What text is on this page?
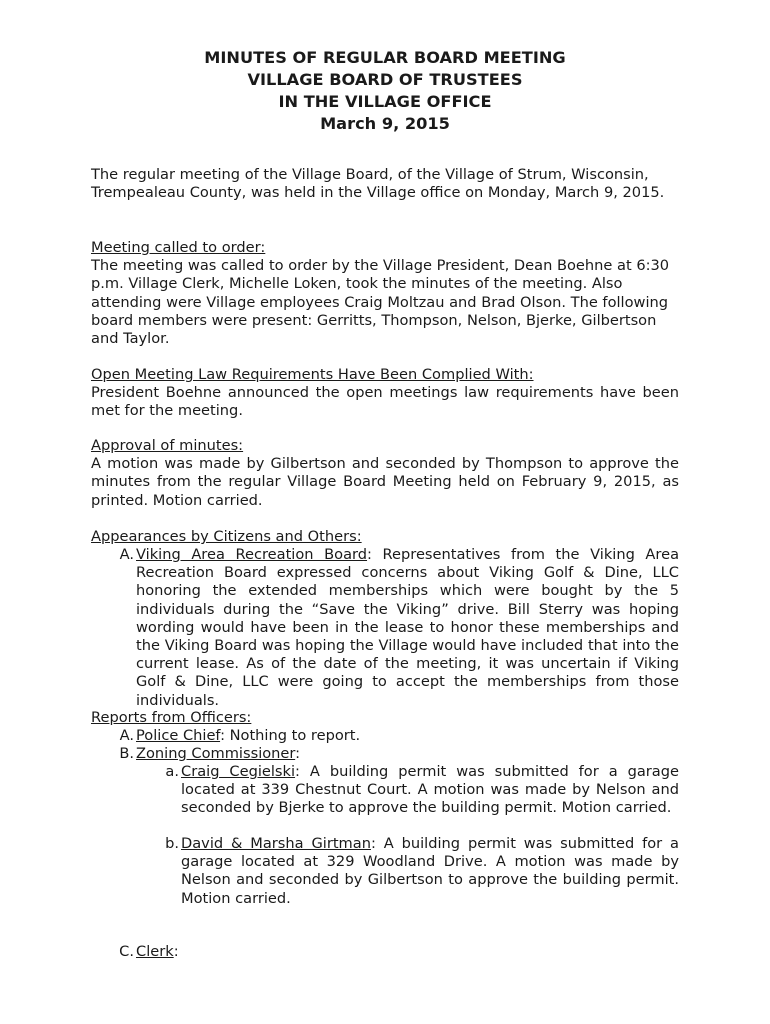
MINUTES OF REGULAR BOARD MEETING
VILLAGE BOARD OF TRUSTEES
IN THE VILLAGE OFFICE
March 9, 2015

The regular meeting of the Village Board, of the Village of Strum, Wisconsin, Trempealeau County, was held in the Village office on Monday, March 9, 2015.

Meeting called to order:

The meeting was called to order by the Village President, Dean Boehne at 6:30 p.m. Village Clerk, Michelle Loken, took the minutes of the meeting. Also attending were Village employees Craig Moltzau and Brad Olson. The following board members were present: Gerritts, Thompson, Nelson, Bjerke, Gilbertson and Taylor.

Open Meeting Law Requirements Have Been Complied With:

President Boehne announced the open meetings law requirements have been met for the meeting.

Approval of minutes:

A motion was made by Gilbertson and seconded by Thompson to approve the minutes from the regular Village Board Meeting held on February 9, 2015, as printed. Motion carried.

Appearances by Citizens and Others:

A. Viking Area Recreation Board: Representatives from the Viking Area Recreation Board expressed concerns about Viking Golf & Dine, LLC honoring the extended memberships which were bought by the 5 individuals during the “Save the Viking” drive. Bill Sterry was hoping wording would have been in the lease to honor these memberships and the Viking Board was hoping the Village would have included that into the current lease. As of the date of the meeting, it was uncertain if Viking Golf & Dine, LLC were going to accept the memberships from those individuals.

Reports from Officers:

A. Police Chief: Nothing to report.

B. Zoning Commissioner:

a. Craig Cegielski: A building permit was submitted for a garage located at 339 Chestnut Court. A motion was made by Nelson and seconded by Bjerke to approve the building permit. Motion carried.

b. David & Marsha Girtman: A building permit was submitted for a garage located at 329 Woodland Drive. A motion was made by Nelson and seconded by Gilbertson to approve the building permit. Motion carried.

C. Clerk:
